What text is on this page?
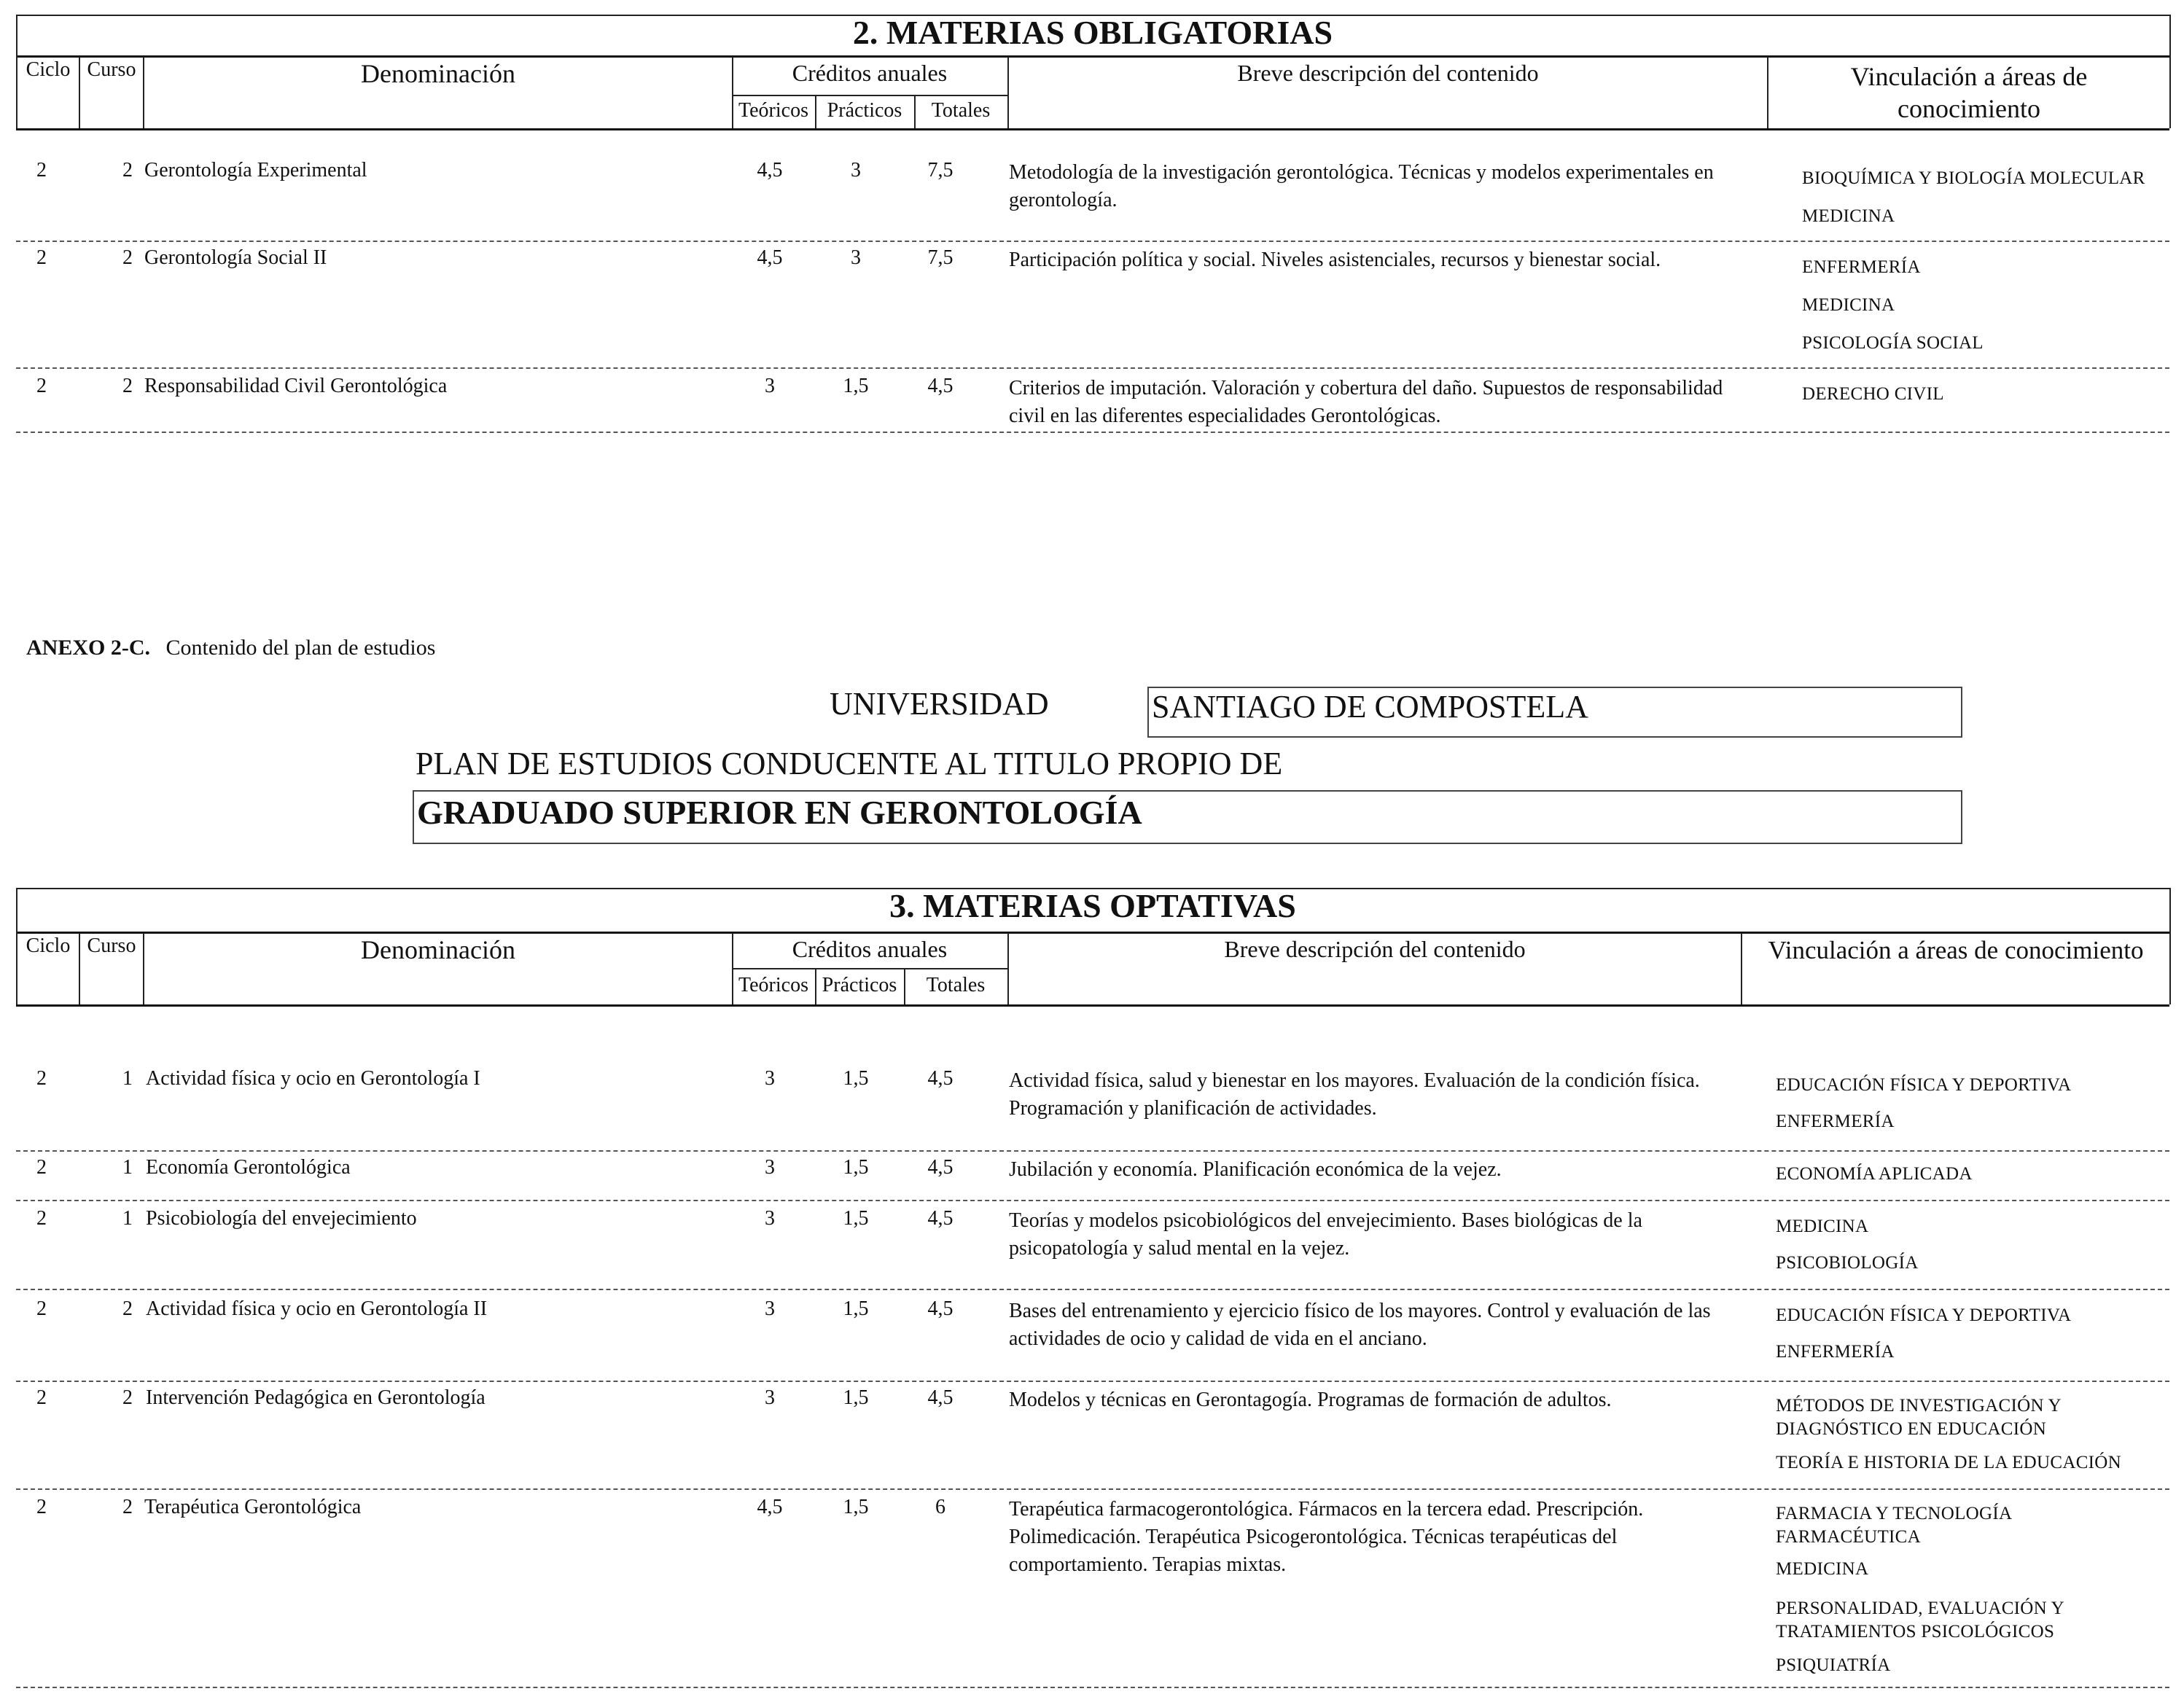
2. MATERIAS OBLIGATORIAS
Ciclo Curso	Denominación	Créditos anuales
Teóricos Prácticos	Totales
Breve descripción del contenido	Vinculación a áreas de
conocimiento
2	2 Gerontología Experimental	4,5	3	7,5	Metodología de la investigación gerontológica. Técnicas y modelos experimentales en gerontología.
BIOQUÍMICA Y BIOLOGÍA MOLECULAR
MEDICINA
2	2 Gerontología Social II	4,5	3	7,5	Participación política y social. Niveles asistenciales, recursos y bienestar social.	ENFERMERÍA
MEDICINA
PSICOLOGÍA SOCIAL
2	2 Responsabilidad Civil Gerontológica	3	1,5	4,5	Criterios de imputación. Valoración y cobertura del daño. Supuestos de responsabilidad civil en las diferentes especialidades Gerontológicas.
DERECHO CIVIL
ANEXO 2-C. Contenido del plan de estudios
UNIVERSIDAD	SANTIAGO DE COMPOSTELA
PLAN DE ESTUDIOS CONDUCENTE AL TITULO PROPIO DE
GRADUADO SUPERIOR EN GERONTOLOGÍA
3. MATERIAS OPTATIVAS
Ciclo Curso	Denominación	Créditos anuales
Teóricos Prácticos	Totales
Breve descripción del contenido	Vinculación a áreas de conocimiento
2	1 Actividad física y ocio en Gerontología I	3	1,5	4,5	Actividad física, salud y bienestar en los mayores. Evaluación de la condición física. Programación y planificación de actividades.
EDUCACIÓN FÍSICA Y DEPORTIVA
ENFERMERÍA
2	1 Economía Gerontológica	3	1,5	4,5	Jubilación y economía. Planificación económica de la vejez.	ECONOMÍA APLICADA
2	1 Psicobiología del envejecimiento	3	1,5	4,5	Teorías y modelos psicobiológicos del envejecimiento. Bases biológicas de la psicopatología y salud mental en la vejez.
MEDICINA
PSICOBIOLOGÍA
2	2 Actividad física y ocio en Gerontología II	3	1,5	4,5	Bases del entrenamiento y ejercicio físico de los mayores. Control y evaluación de las actividades de ocio y calidad de vida en el anciano.
EDUCACIÓN FÍSICA Y DEPORTIVA
ENFERMERÍA
2	2 Intervención Pedagógica en Gerontología	3	1,5	4,5	Modelos y técnicas en Gerontagogía. Programas de formación de adultos.	MÉTODOS DE INVESTIGACIÓN Y
DIAGNÓSTICO EN EDUCACIÓN
TEORÍA E HISTORIA DE LA EDUCACIÓN
2	2 Terapéutica Gerontológica	4,5	1,5	6	Terapéutica farmacogerontológica. Fármacos en la tercera edad. Prescripción. Polimedicación. Terapéutica Psicogerontológica. Técnicas terapéuticas del comportamiento. Terapias mixtas.
FARMACIA Y TECNOLOGÍA
FARMACÉUTICA
MEDICINA
PERSONALIDAD, EVALUACIÓN Y
TRATAMIENTOS PSICOLÓGICOS
PSIQUIATRÍA
